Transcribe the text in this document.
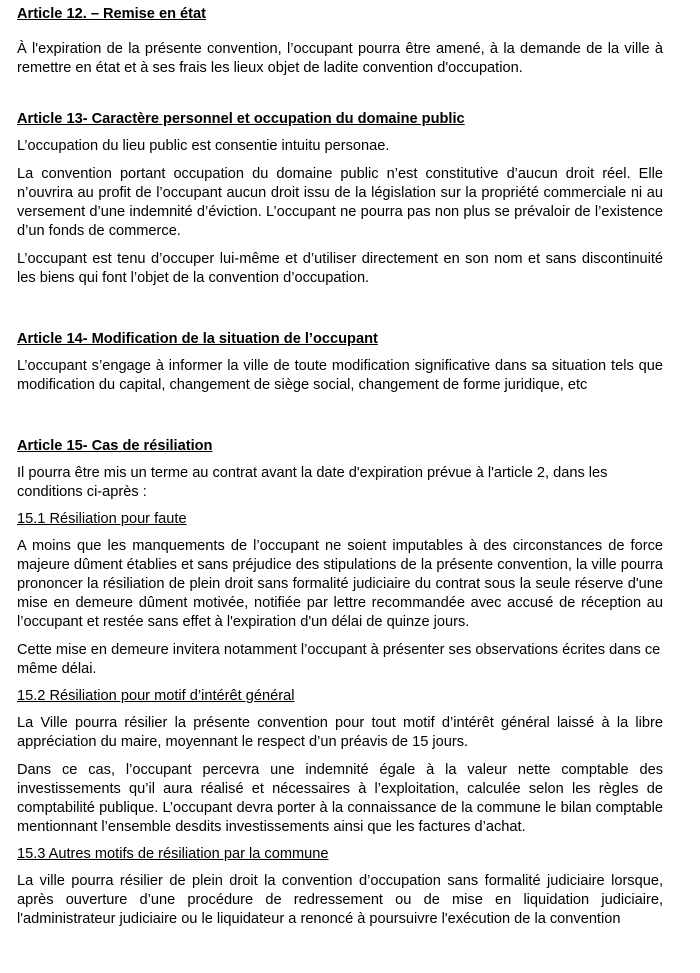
Article 12. – Remise en état

À l'expiration de la présente convention, l’occupant pourra être amené, à la demande de la ville à remettre en état et à ses frais les lieux objet de ladite convention d'occupation.

Article 13- Caractère personnel et occupation du domaine public

L’occupation du lieu public est consentie intuitu personae.

La convention portant occupation du domaine public n’est constitutive d’aucun droit réel. Elle n’ouvrira au profit de l’occupant aucun droit issu de la législation sur la propriété commerciale ni au versement d’une indemnité d’éviction. L’occupant ne pourra pas non plus se prévaloir de l’existence d’un fonds de commerce.

L’occupant est tenu d’occuper lui-même et d’utiliser directement en son nom et sans discontinuité les biens qui font l’objet de la convention d’occupation.

Article 14- Modification de la situation de l’occupant

L’occupant s’engage à informer la ville de toute modification significative dans sa situation tels que modification du capital, changement de siège social, changement de forme juridique, etc

Article 15- Cas de résiliation

Il pourra être mis un terme au contrat avant la date d'expiration prévue à l'article 2, dans les conditions ci-après :

15.1 Résiliation pour faute

A moins que les manquements de l’occupant ne soient imputables à des circonstances de force majeure dûment établies et sans préjudice des stipulations de la présente convention, la ville pourra prononcer la résiliation de plein droit sans formalité judiciaire du contrat sous la seule réserve d'une mise en demeure dûment motivée, notifiée par lettre recommandée avec accusé de réception au l’occupant et restée sans effet à l'expiration d'un délai de quinze jours.

Cette mise en demeure invitera notamment l’occupant à présenter ses observations écrites dans ce même délai.

15.2 Résiliation pour motif d’intérêt général

La Ville pourra résilier la présente convention pour tout motif d’intérêt général laissé à la libre appréciation du maire, moyennant le respect d’un préavis de 15 jours.

Dans ce cas, l’occupant percevra une indemnité égale à la valeur nette comptable des investissements qu’il aura réalisé et nécessaires à l’exploitation, calculée selon les règles de comptabilité publique. L’occupant devra porter à la connaissance de la commune le bilan comptable mentionnant l’ensemble desdits investissements ainsi que les factures d’achat.

15.3 Autres motifs de résiliation par la commune

La ville pourra résilier de plein droit la convention d’occupation sans formalité judiciaire lorsque, après ouverture d’une procédure de redressement ou de mise en liquidation judiciaire, l'administrateur judiciaire ou le liquidateur a renoncé à poursuivre l'exécution de la convention
